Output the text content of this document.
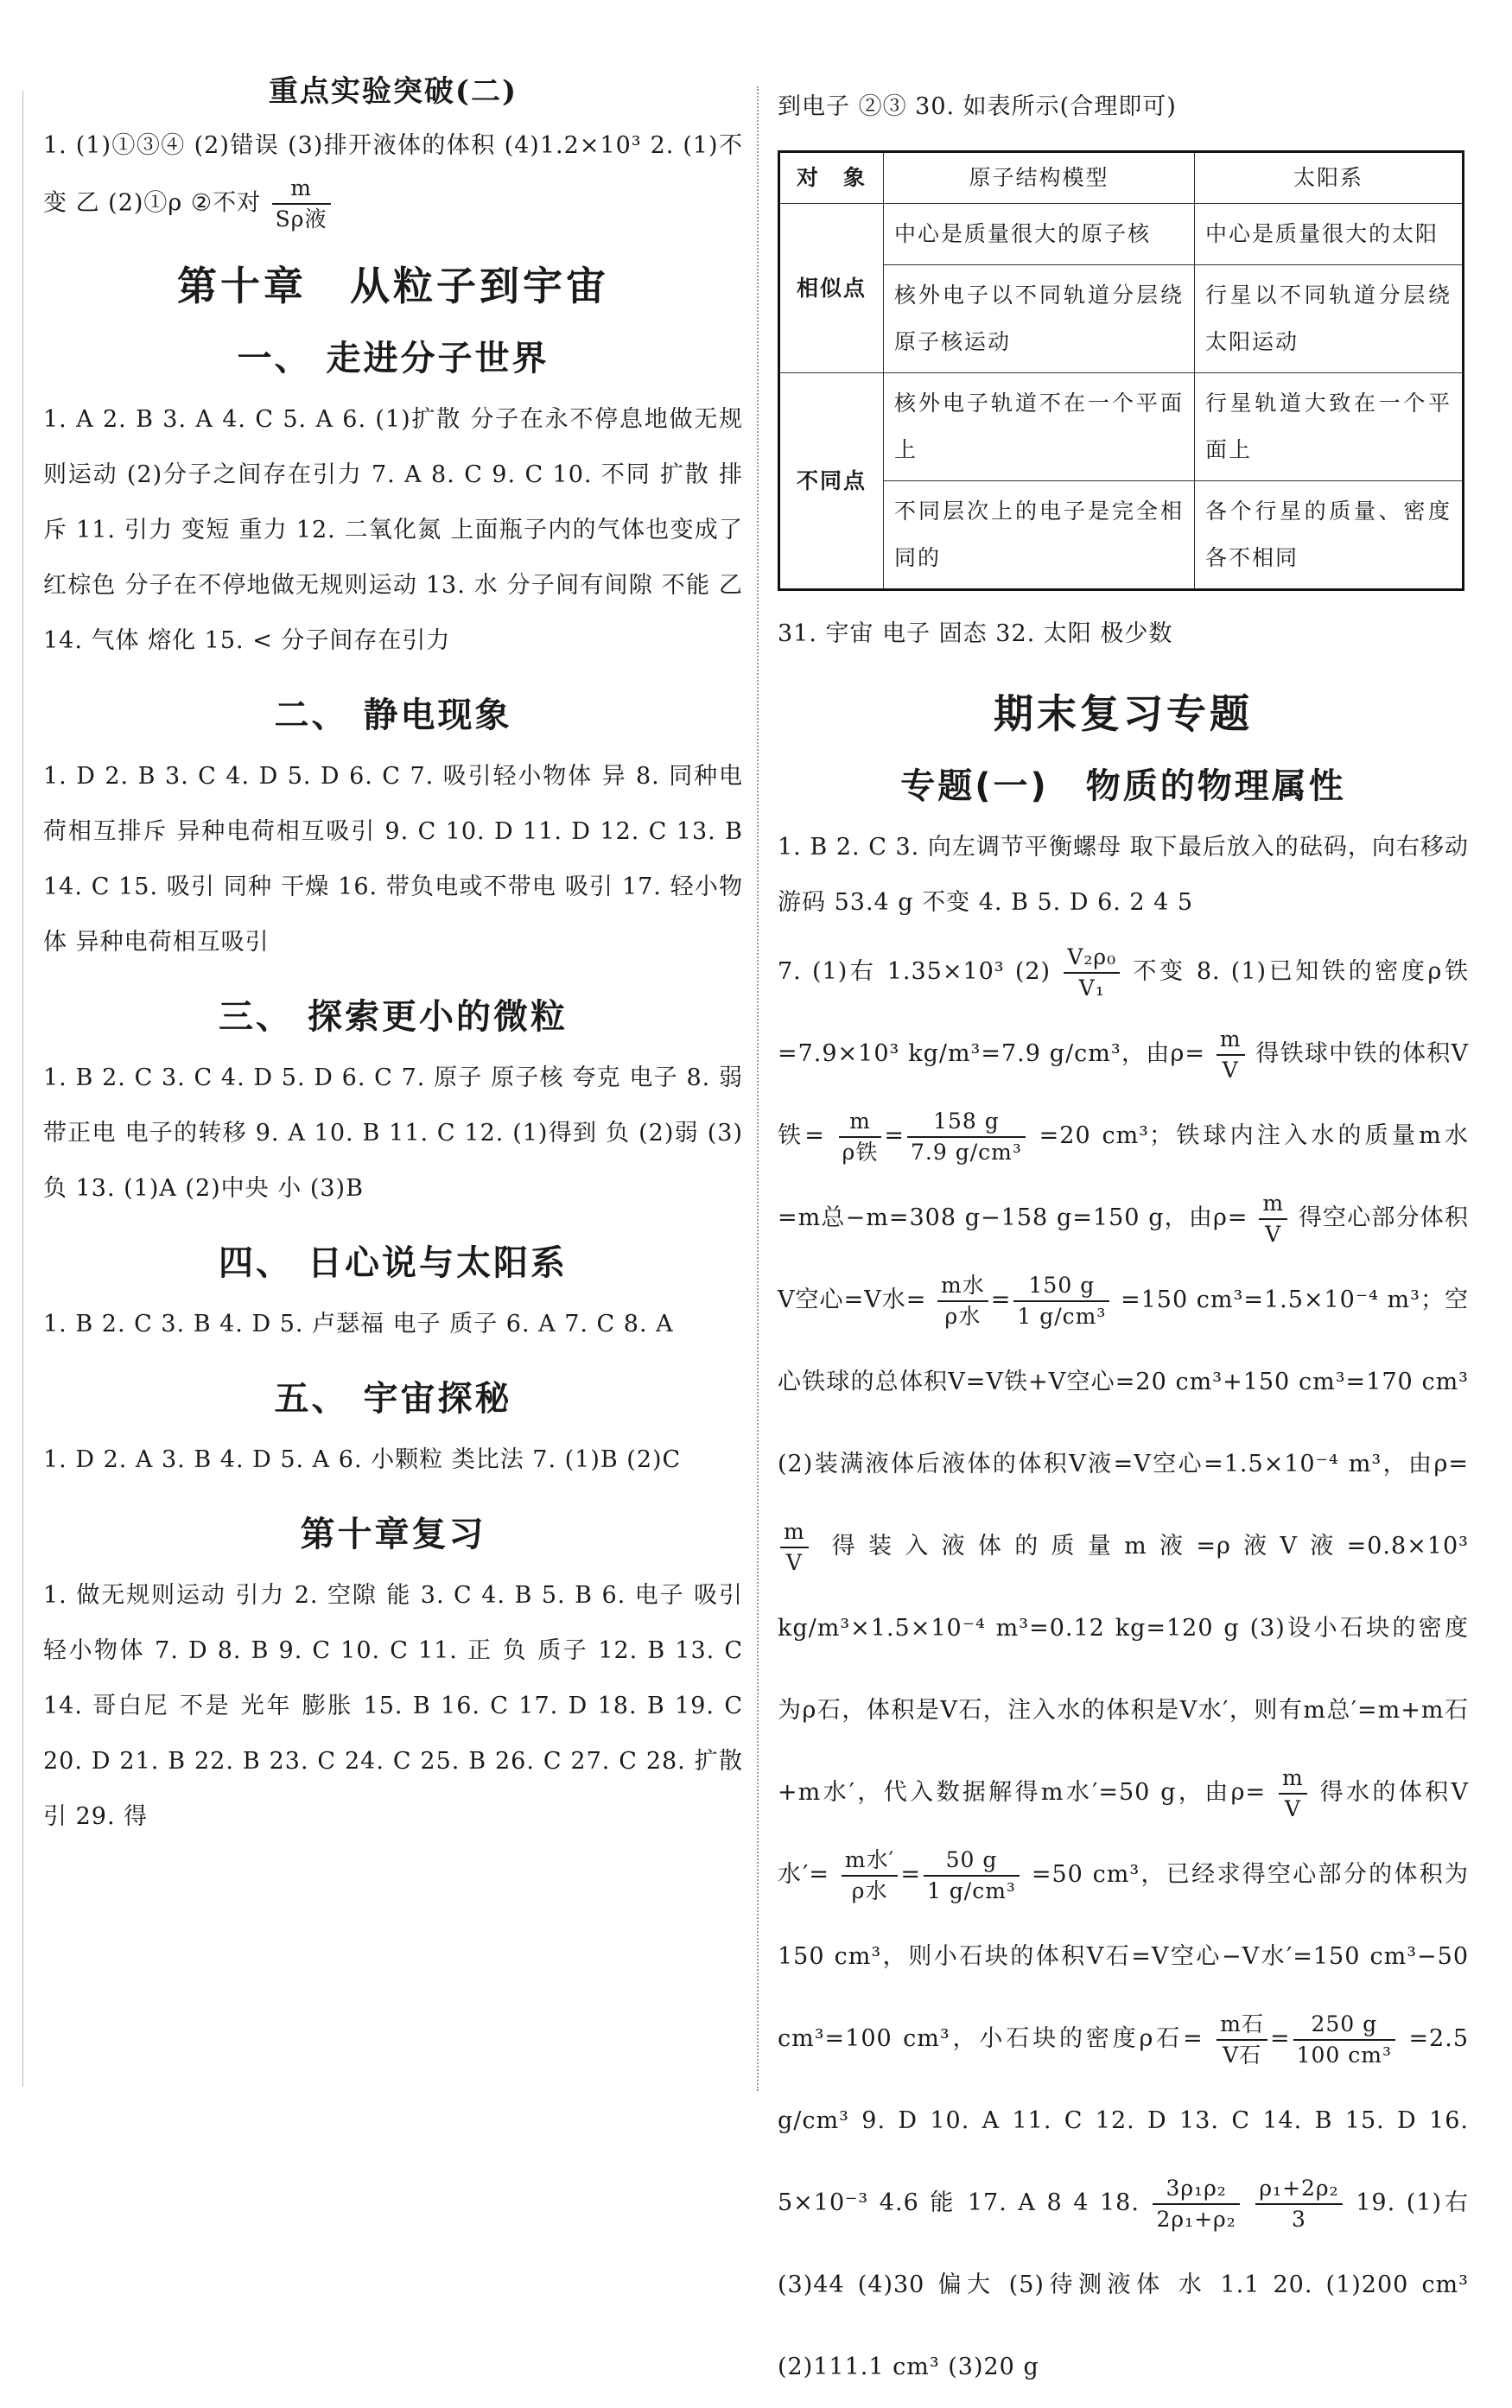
重点实验突破(二)

1. (1)①③④ (2)错误 (3)排开液体的体积 (4)1.2×10³ 2. (1)不变 乙 (2)①ρ ②不对 $\frac{m}{\text{Sρ液}}$

第十章　从粒子到宇宙
一、 走进分子世界

1. A 2. B 3. A 4. C 5. A 6. (1)扩散 分子在永不停息地做无规则运动 (2)分子之间存在引力 7. A 8. C 9. C 10. 不同 扩散 排斥 11. 引力 变短 重力 12. 二氧化氮 上面瓶子内的气体也变成了红棕色 分子在不停地做无规则运动 13. 水 分子间有间隙 不能 乙 14. 气体 熔化 15. < 分子间存在引力

二、 静电现象

1. D 2. B 3. C 4. D 5. D 6. C 7. 吸引轻小物体 异 8. 同种电荷相互排斥 异种电荷相互吸引 9. C 10. D 11. D 12. C 13. B 14. C 15. 吸引 同种 干燥 16. 带负电或不带电 吸引 17. 轻小物体 异种电荷相互吸引

三、 探索更小的微粒

1. B 2. C 3. C 4. D 5. D 6. C 7. 原子 原子核 夸克 电子 8. 弱 带正电 电子的转移 9. A 10. B 11. C 12. (1)得到 负 (2)弱 (3)负 13. (1)A (2)中央 小 (3)B

四、 日心说与太阳系

1. B 2. C 3. B 4. D 5. 卢瑟福 电子 质子 6. A 7. C 8. A

五、 宇宙探秘

1. D 2. A 3. B 4. D 5. A 6. 小颗粒 类比法 7. (1)B (2)C

第十章复习

1. 做无规则运动 引力 2. 空隙 能 3. C 4. B 5. B 6. 电子 吸引轻小物体 7. D 8. B 9. C 10. C 11. 正 负 质子 12. B 13. C 14. 哥白尼 不是 光年 膨胀 15. B 16. C 17. D 18. B 19. C 20. D 21. B 22. B 23. C 24. C 25. B 26. C 27. C 28. 扩散 引 29. 得

到电子 ②③ 30. 如表所示(合理即可)

对　象	原子结构模型	太阳系
相似点	中心是质量很大的原子核	中心是质量很大的太阳
	核外电子以不同轨道分层绕原子核运动	行星以不同轨道分层绕太阳运动
不同点	核外电子轨道不在一个平面上	行星轨道大致在一个平面上
	不同层次上的电子是完全相同的	各个行星的质量、密度各不相同

31. 宇宙 电子 固态 32. 太阳 极少数

期末复习专题
专题(一)　物质的物理属性

1. B 2. C 3. 向左调节平衡螺母 取下最后放入的砝码，向右移动游码 53.4 g 不变 4. B 5. D 6. 2 4 5

7. (1)右 1.35×10³ $(2) \frac{\text{V₂ρ₀}}{\text{V₁}}$ 不变 8. (1)已知铁的密度ρ铁=7.9×10³ kg/m³=7.9 g/cm³，由$\rho= \frac{m}{V}$ 得铁球中铁的体积V铁= $\frac{m}{\text{ρ铁}} = \frac{158 g}{\text{7.9 g/cm³}} =20$ cm³；铁球内注入水的质量m水=m总−m=308 g−158 g=150 g，由$\rho= \frac{m}{V}$ 得空心部分体积V空心=V水= $\frac{\text{m水}}{\text{ρ水}} = \frac{150 g}{\text{1 g/cm³}} =150$ cm³=1.5×10⁻⁴ m³；空心铁球的总体积V=V铁+V空心=20 cm³+150 cm³=170 cm³ (2)装满液体后液体的体积V液=V空心=1.5×10⁻⁴ m³，由ρ=
$\frac{m}{V}$ 得装入液体的质量m液=ρ液V液=0.8×10³ kg/m³×1.5×10⁻⁴ m³=0.12 kg=120 g (3)设小石块的密度为ρ石，体积是V石，注入水的体积是V水′，则有m总′=m+m石+m水′，代入数据解得m水′=50 g，由$\rho= \frac{m}{V}$ 得水的体积V水′= $\frac{\text{m水′}}{\text{ρ水}} = \frac{50 g}{\text{1 g/cm³}} =50$ cm³，已经求得空心部分的体积为150 cm³，则小石块的体积V石=V空心−V水′=150 cm³−50 cm³=100 cm³，小石块的密度ρ石= $\frac{\text{m石}}{\text{V石}} = \frac{250 g}{\text{100 cm³}} =2.5$ g/cm³ 9. D 10. A 11. C 12. D 13. C 14. B 15. D 16. 5×10⁻³ 4.6 能 17. A 8 4 18. $\frac{\text{3ρ₁ρ₂}}{\text{2ρ₁+ρ₂}}$
$\frac{\text{ρ₁+2ρ₂}}{3} 19$. (1)右 (3)44 (4)30 偏大 (5)待测液体 水 1.1 20. (1)200 cm³ (2)111.1 cm³ (3)20 g
